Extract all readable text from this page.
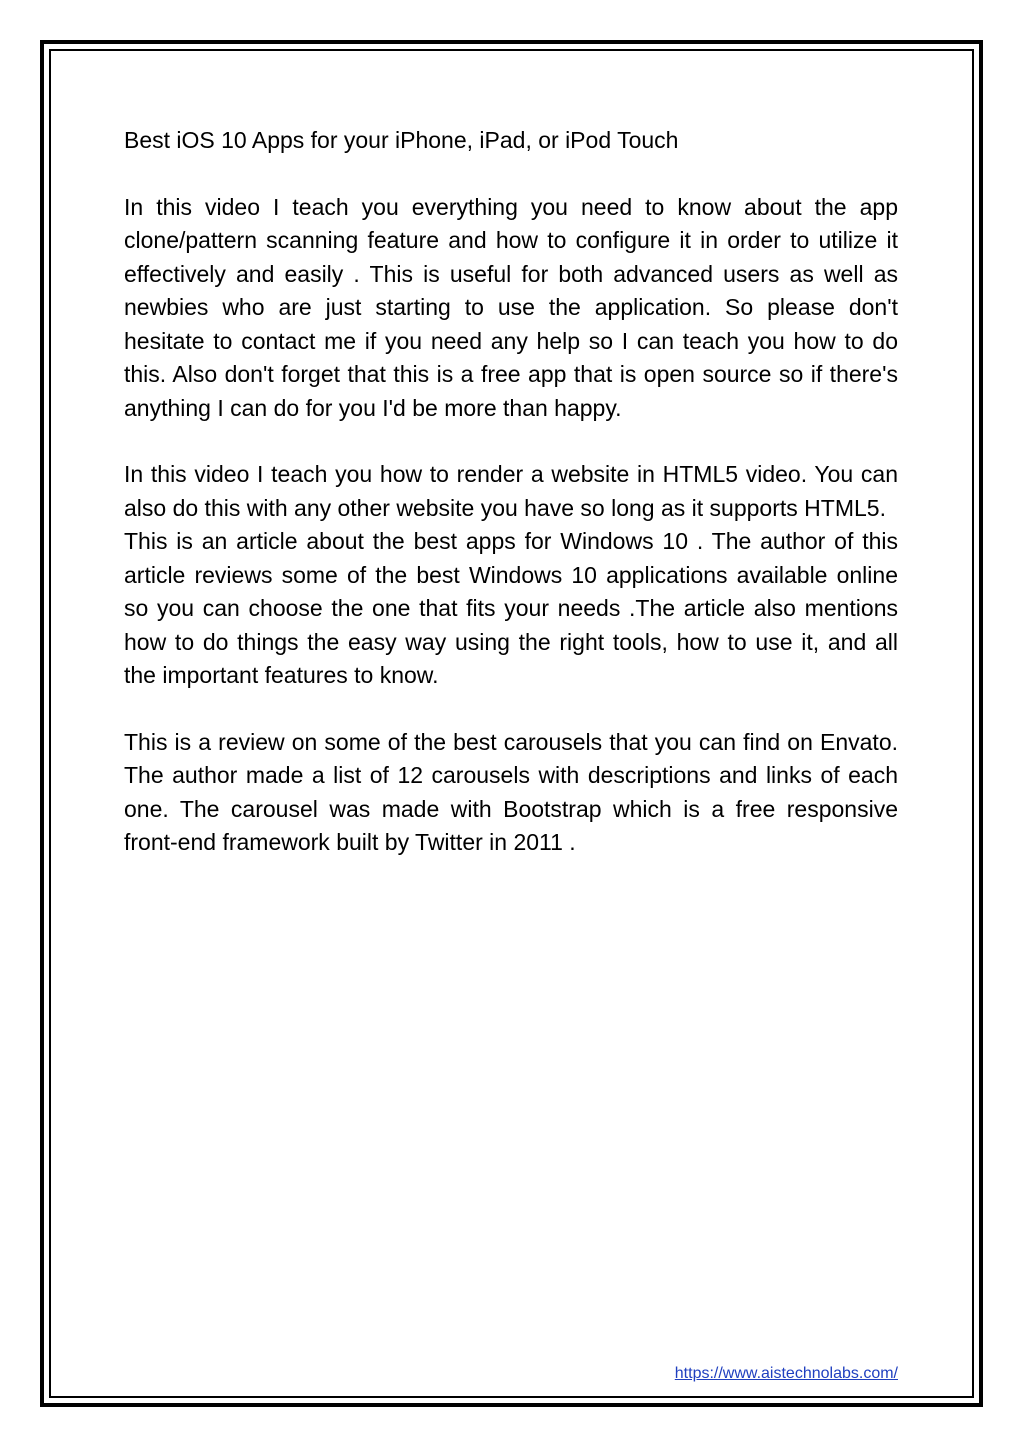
Best iOS 10 Apps for your iPhone, iPad, or iPod Touch

In this video I teach you everything you need to know about the app clone/pattern scanning feature and how to configure it in order to utilize it effectively and easily . This is useful for both advanced users as well as newbies who are just starting to use the application. So please don't hesitate to contact me if you need any help so I can teach you how to do this. Also don't forget that this is a free app that is open source so if there's anything I can do for you I'd be more than happy.

In this video I teach you how to render a website in HTML5 video. You can also do this with any other website you have so long as it supports HTML5.

This is an article about the best apps for Windows 10 . The author of this article reviews some of the best Windows 10 applications available online so you can choose the one that fits your needs .The article also mentions how to do things the easy way using the right tools, how to use it, and all the important features to know.

This is a review on some of the best carousels that you can find on Envato. The author made a list of 12 carousels with descriptions and links of each one. The carousel was made with Bootstrap which is a free responsive front-end framework built by Twitter in 2011 .

https://www.aistechnolabs.com/
